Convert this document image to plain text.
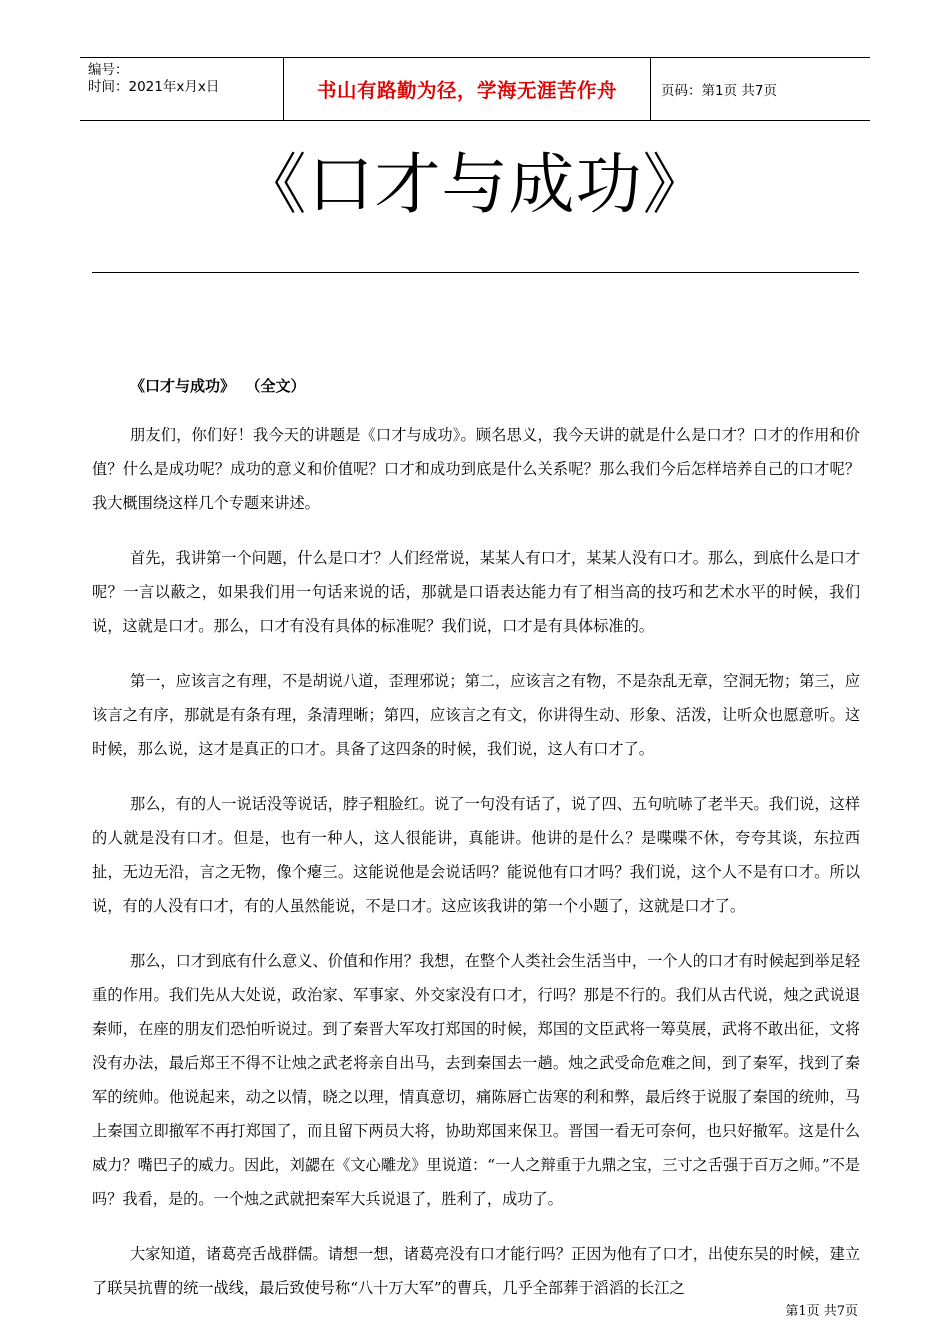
编号：
时间：2021年x月x日	书山有路勤为径，学海无涯苦作舟	页码：第1页 共7页
《口才与成功》
《口才与成功》  （全文）

朋友们，你们好！我今天的讲题是《口才与成功》。顾名思义，我今天讲的就是什么是口才？口才的作用和价值？什么是成功呢？成功的意义和价值呢？口才和成功到底是什么关系呢？那么我们今后怎样培养自己的口才呢？我大概围绕这样几个专题来讲述。

首先，我讲第一个问题，什么是口才？人们经常说，某某人有口才，某某人没有口才。那么，到底什么是口才呢？一言以蔽之，如果我们用一句话来说的话，那就是口语表达能力有了相当高的技巧和艺术水平的时候，我们说，这就是口才。那么，口才有没有具体的标准呢？我们说，口才是有具体标准的。

第一，应该言之有理，不是胡说八道，歪理邪说；第二，应该言之有物，不是杂乱无章，空洞无物；第三，应该言之有序，那就是有条有理，条清理晰；第四，应该言之有文，你讲得生动、形象、活泼，让听众也愿意听。这时候，那么说，这才是真正的口才。具备了这四条的时候，我们说，这人有口才了。

那么，有的人一说话没等说话，脖子粗脸红。说了一句没有话了，说了四、五句吭哧了老半天。我们说，这样的人就是没有口才。但是，也有一种人，这人很能讲，真能讲。他讲的是什么？是喋喋不休，夸夸其谈，东拉西扯，无边无沿，言之无物，像个瘪三。这能说他是会说话吗？能说他有口才吗？我们说，这个人不是有口才。所以说，有的人没有口才，有的人虽然能说，不是口才。这应该我讲的第一个小题了，这就是口才了。

那么，口才到底有什么意义、价值和作用？我想，在整个人类社会生活当中，一个人的口才有时候起到举足轻重的作用。我们先从大处说，政治家、军事家、外交家没有口才，行吗？那是不行的。我们从古代说，烛之武说退秦师，在座的朋友们恐怕听说过。到了秦晋大军攻打郑国的时候，郑国的文臣武将一筹莫展，武将不敢出征，文将没有办法，最后郑王不得不让烛之武老将亲自出马，去到秦国去一趟。烛之武受命危难之间，到了秦军，找到了秦军的统帅。他说起来，动之以情，晓之以理，情真意切，痛陈唇亡齿寒的利和弊，最后终于说服了秦国的统帅，马上秦国立即撤军不再打郑国了，而且留下两员大将，协助郑国来保卫。晋国一看无可奈何，也只好撤军。这是什么威力？嘴巴子的威力。因此，刘勰在《文心雕龙》里说道：“一人之辩重于九鼎之宝，三寸之舌强于百万之师。”不是吗？我看，是的。一个烛之武就把秦军大兵说退了，胜利了，成功了。

大家知道，诸葛亮舌战群儒。请想一想，诸葛亮没有口才能行吗？正因为他有了口才，出使东吴的时候，建立了联吴抗曹的统一战线，最后致使号称“八十万大军”的曹兵，几乎全部葬于滔滔的长江之

第1页 共7页
